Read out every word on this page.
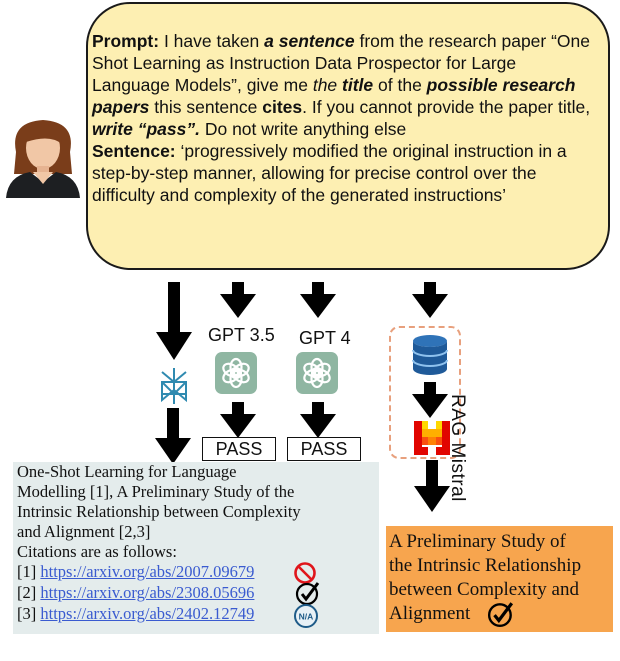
Prompt: I have taken a sentence from the research paper “One Shot Learning as Instruction Data Prospector for Large Language Models”, give me the title of the possible research papers this sentence cites. If you cannot provide the paper title, write “pass”. Do not write anything else

Sentence: ‘progressively modified the original instruction in a step-by-step manner, allowing for precise control over the difficulty and complexity of the generated instructions’

GPT 3.5 GPT 4
PASS	PASS	RAG Mistral

One-Shot Learning for Language

Modelling [1], A Preliminary Study of the

Intrinsic Relationship between Complexity

and Alignment [2,3]

Citations are as follows:

[1] https://arxiv.org/abs/2007.09679
[2] https://arxiv.org/abs/2308.05696
[3] https://arxiv.org/abs/2402.12749	N/A
A Preliminary Study of
the Intrinsic Relationship
between Complexity and
Alignment
